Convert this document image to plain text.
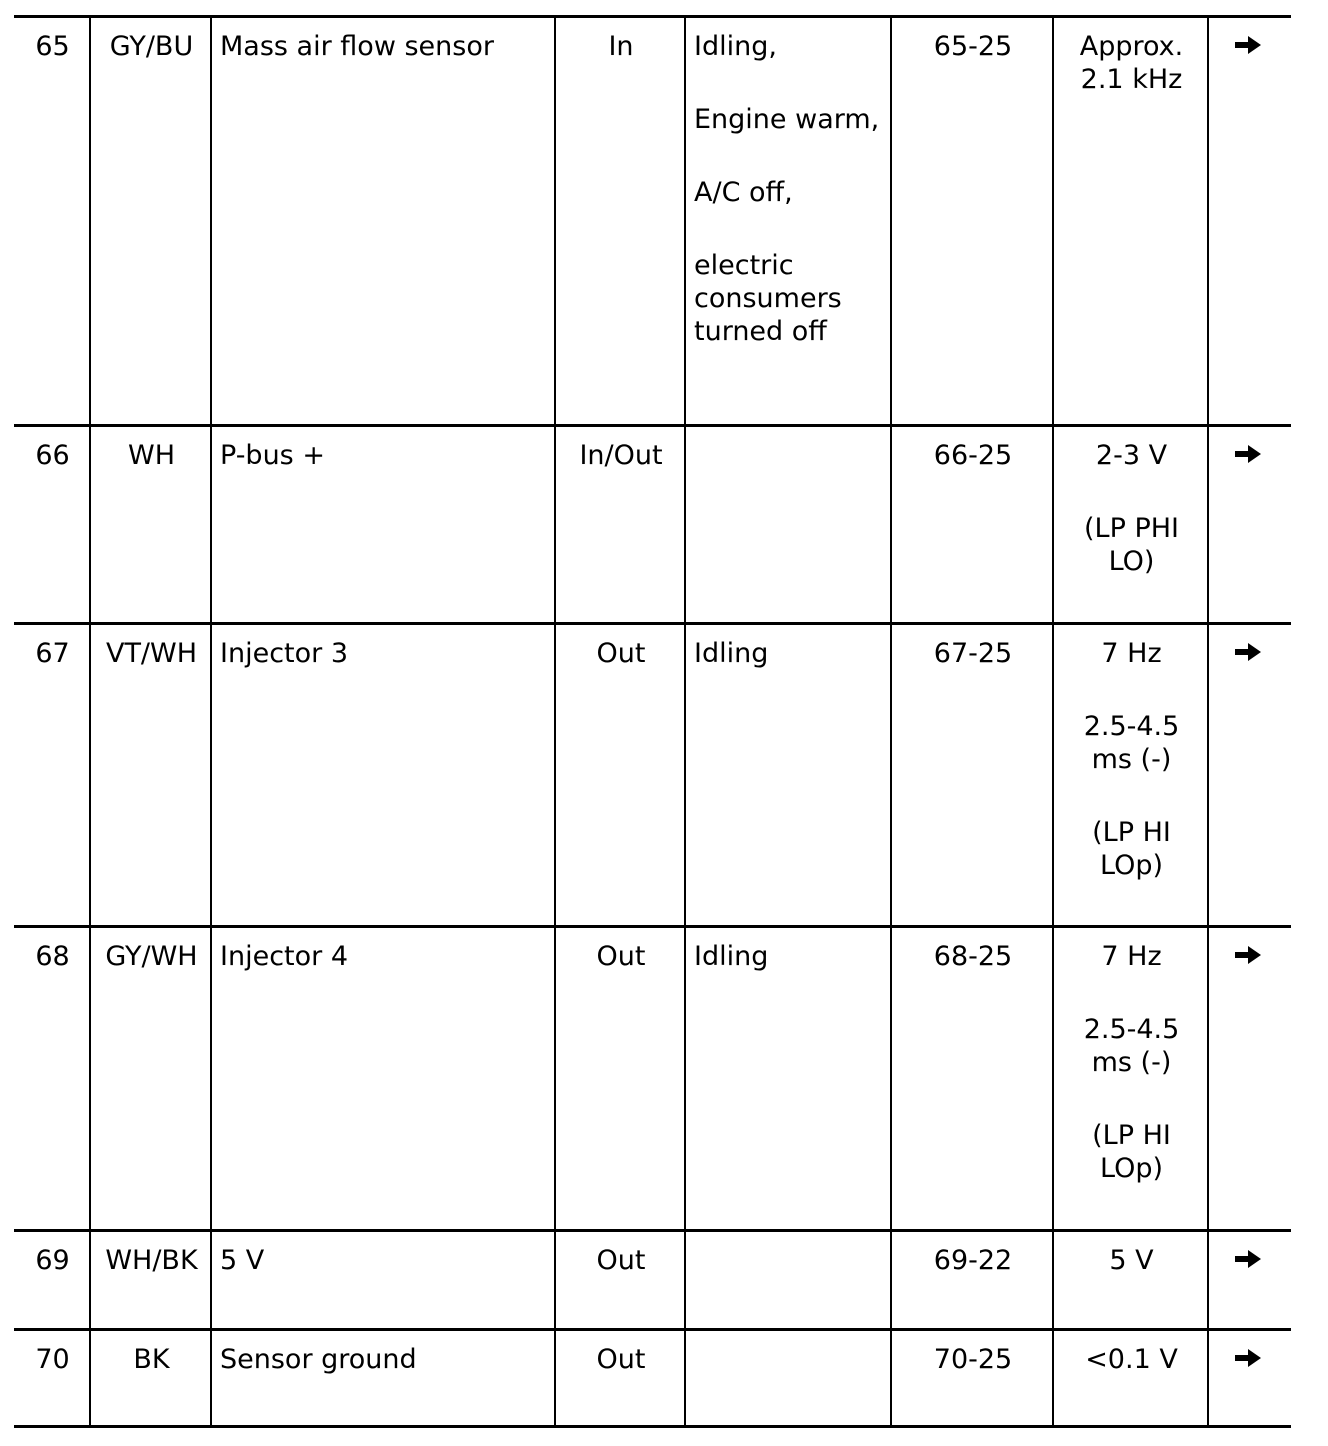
65	GY/BU	Mass air flow sensor	In	Idling,
Engine warm,
A/C off,
electric consumers turned off	65-25	Approx. 2.1 kHz

66	WH	P-bus +	In/Out		66-25	2-3 V
(LP PHI LO)

67	VT/WH	Injector 3	Out	Idling	67-25	7 Hz
2.5-4.5 ms (-)
(LP HI LOp)

68	GY/WH	Injector 4	Out	Idling	68-25	7 Hz
2.5-4.5 ms (-)
(LP HI LOp)

69	WH/BK	5 V	Out		69-22	5 V

70	BK	Sensor ground	Out		70-25	<0.1 V
